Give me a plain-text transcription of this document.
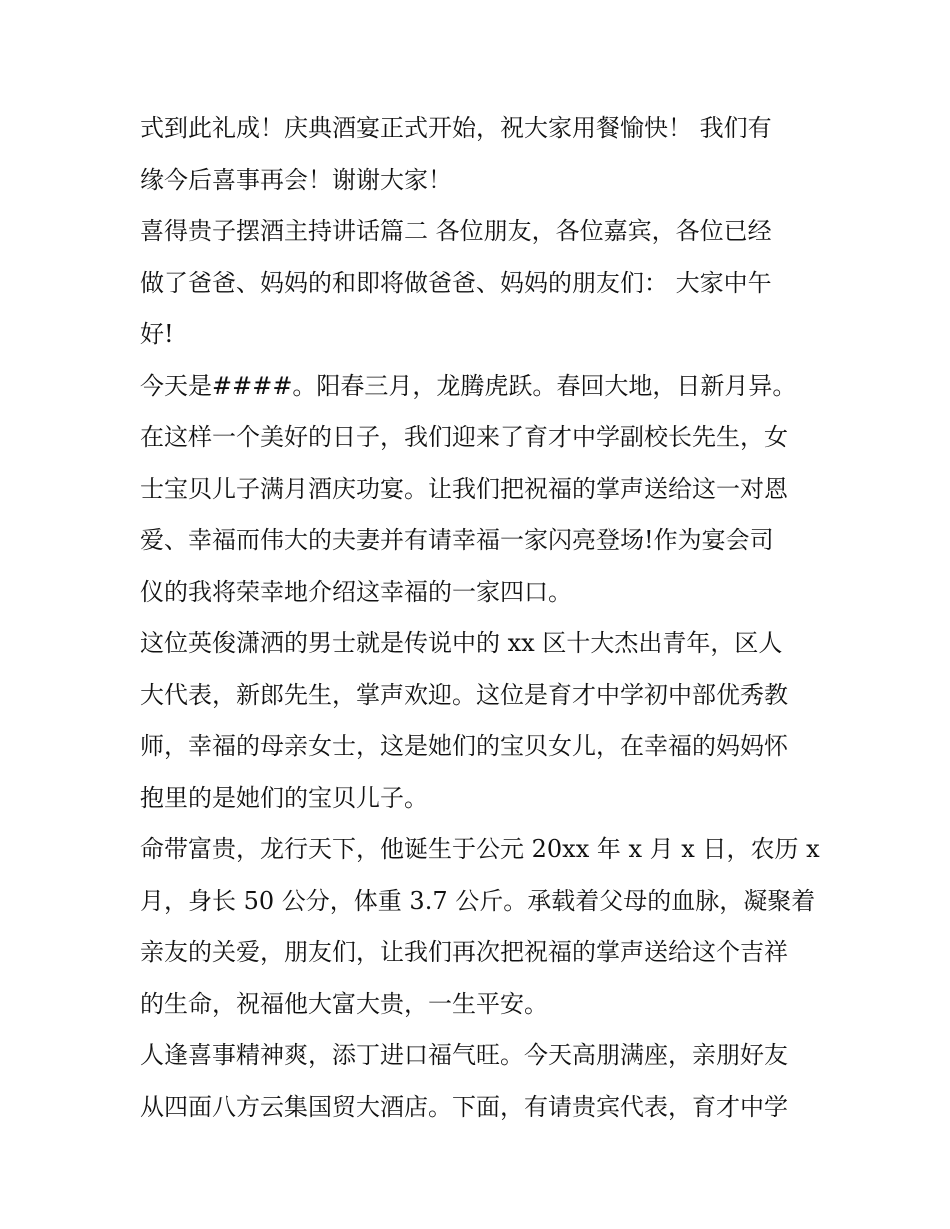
式到此礼成！庆典酒宴正式开始，祝大家用餐愉快！ 我们有
缘今后喜事再会！谢谢大家！

喜得贵子摆酒主持讲话篇二 各位朋友，各位嘉宾，各位已经
做了爸爸、妈妈的和即将做爸爸、妈妈的朋友们： 大家中午
好!

今天是####。阳春三月，龙腾虎跃。春回大地，日新月异。
在这样一个美好的日子，我们迎来了育才中学副校长先生，女
士宝贝儿子满月酒庆功宴。让我们把祝福的掌声送给这一对恩
爱、幸福而伟大的夫妻并有请幸福一家闪亮登场!作为宴会司
仪的我将荣幸地介绍这幸福的一家四口。

这位英俊潇洒的男士就是传说中的 xx 区十大杰出青年，区人
大代表，新郎先生，掌声欢迎。这位是育才中学初中部优秀教
师，幸福的母亲女士，这是她们的宝贝女儿，在幸福的妈妈怀
抱里的是她们的宝贝儿子。

命带富贵，龙行天下，他诞生于公元 20xx 年 x 月 x 日，农历 x
月，身长 50 公分，体重 3.7 公斤。承载着父母的血脉，凝聚着
亲友的关爱，朋友们，让我们再次把祝福的掌声送给这个吉祥
的生命，祝福他大富大贵，一生平安。

人逢喜事精神爽，添丁进口福气旺。今天高朋满座，亲朋好友
从四面八方云集国贸大酒店。下面，有请贵宾代表，育才中学
